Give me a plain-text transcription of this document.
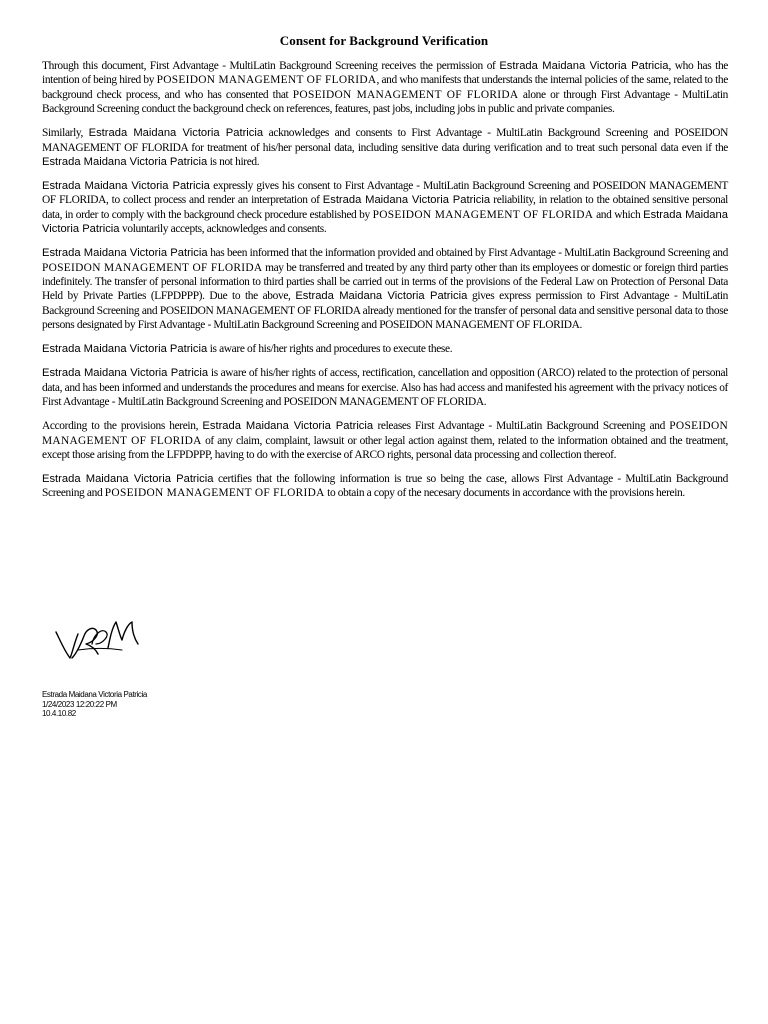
Consent for Background Verification

Through this document, First Advantage - MultiLatin Background Screening receives the permission of Estrada Maidana Victoria Patricia, who has the intention of being hired by POSEIDON MANAGEMENT OF FLORIDA, and who manifests that understands the internal policies of the same, related to the background check process, and who has consented that POSEIDON MANAGEMENT OF FLORIDA alone or through First Advantage - MultiLatin Background Screening conduct the background check on references, features, past jobs, including jobs in public and private companies.

Similarly, Estrada Maidana Victoria Patricia acknowledges and consents to First Advantage - MultiLatin Background Screening and POSEIDON MANAGEMENT OF FLORIDA for treatment of his/her personal data, including sensitive data during verification and to treat such personal data even if the Estrada Maidana Victoria Patricia is not hired.

Estrada Maidana Victoria Patricia expressly gives his consent to First Advantage - MultiLatin Background Screening and POSEIDON MANAGEMENT OF FLORIDA, to collect process and render an interpretation of Estrada Maidana Victoria Patricia reliability, in relation to the obtained sensitive personal data, in order to comply with the background check procedure established by POSEIDON MANAGEMENT OF FLORIDA and which Estrada Maidana Victoria Patricia voluntarily accepts, acknowledges and consents.

Estrada Maidana Victoria Patricia has been informed that the information provided and obtained by First Advantage - MultiLatin Background Screening and POSEIDON MANAGEMENT OF FLORIDA may be transferred and treated by any third party other than its employees or domestic or foreign third parties indefinitely. The transfer of personal information to third parties shall be carried out in terms of the provisions of the Federal Law on Protection of Personal Data Held by Private Parties (LFPDPPP). Due to the above, Estrada Maidana Victoria Patricia gives express permission to First Advantage - MultiLatin Background Screening and POSEIDON MANAGEMENT OF FLORIDA already mentioned for the transfer of personal data and sensitive personal data to those persons designated by First Advantage - MultiLatin Background Screening and POSEIDON MANAGEMENT OF FLORIDA.

Estrada Maidana Victoria Patricia is aware of his/her rights and procedures to execute these.

Estrada Maidana Victoria Patricia is aware of his/her rights of access, rectification, cancellation and opposition (ARCO) related to the protection of personal data, and has been informed and understands the procedures and means for exercise. Also has had access and manifested his agreement with the privacy notices of First Advantage - MultiLatin Background Screening and POSEIDON MANAGEMENT OF FLORIDA.

According to the provisions herein, Estrada Maidana Victoria Patricia releases First Advantage - MultiLatin Background Screening and POSEIDON MANAGEMENT OF FLORIDA of any claim, complaint, lawsuit or other legal action against them, related to the information obtained and the treatment, except those arising from the LFPDPPP, having to do with the exercise of ARCO rights, personal data processing and collection thereof.

Estrada Maidana Victoria Patricia certifies that the following information is true so being the case, allows First Advantage - MultiLatin Background Screening and POSEIDON MANAGEMENT OF FLORIDA to obtain a copy of the necesary documents in accordance with the provisions herein.

Estrada Maidana Victoria Patricia
1/24/2023 12:20:22 PM
10.4.10.82
